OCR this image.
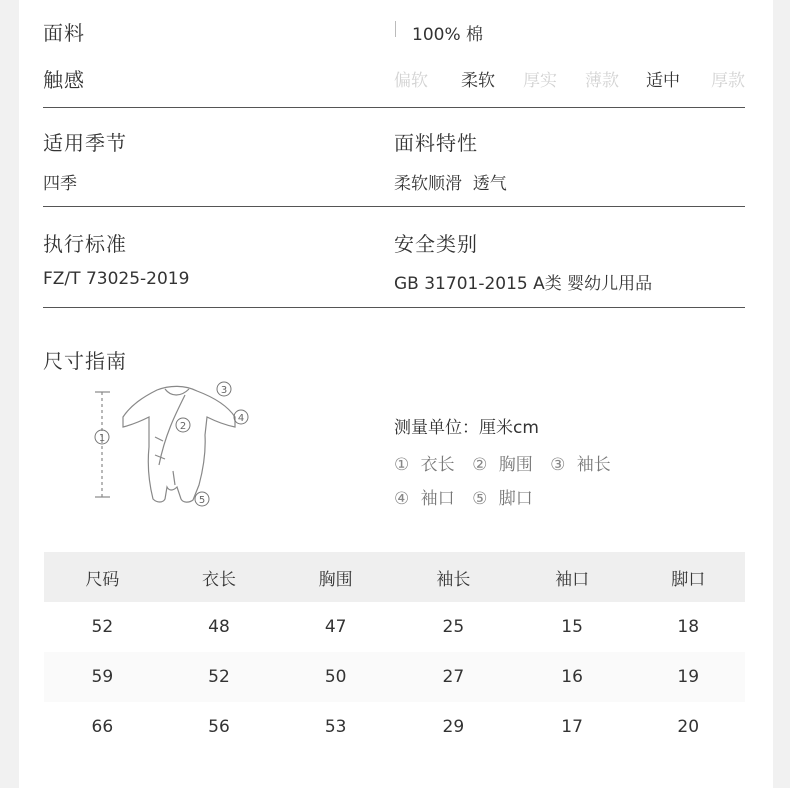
面料	100% 棉
触感	偏软 柔软 厚实 薄款 适中 厚款
适用季节
四季
面料特性
柔软顺滑  透气
执行标准
FZ/T 73025-2019
安全类别
GB 31701-2015 A类 婴幼儿用品
尺寸指南
1
2
3
4
5
测量单位：厘米cm
① 衣长 ② 胸围 ③ 袖长
④ 袖口 ⑤ 脚口
尺码	衣长	胸围	袖长	袖口	脚口
52	48	47	25	15	18
59	52	50	27	16	19
66	56	53	29	17	20
